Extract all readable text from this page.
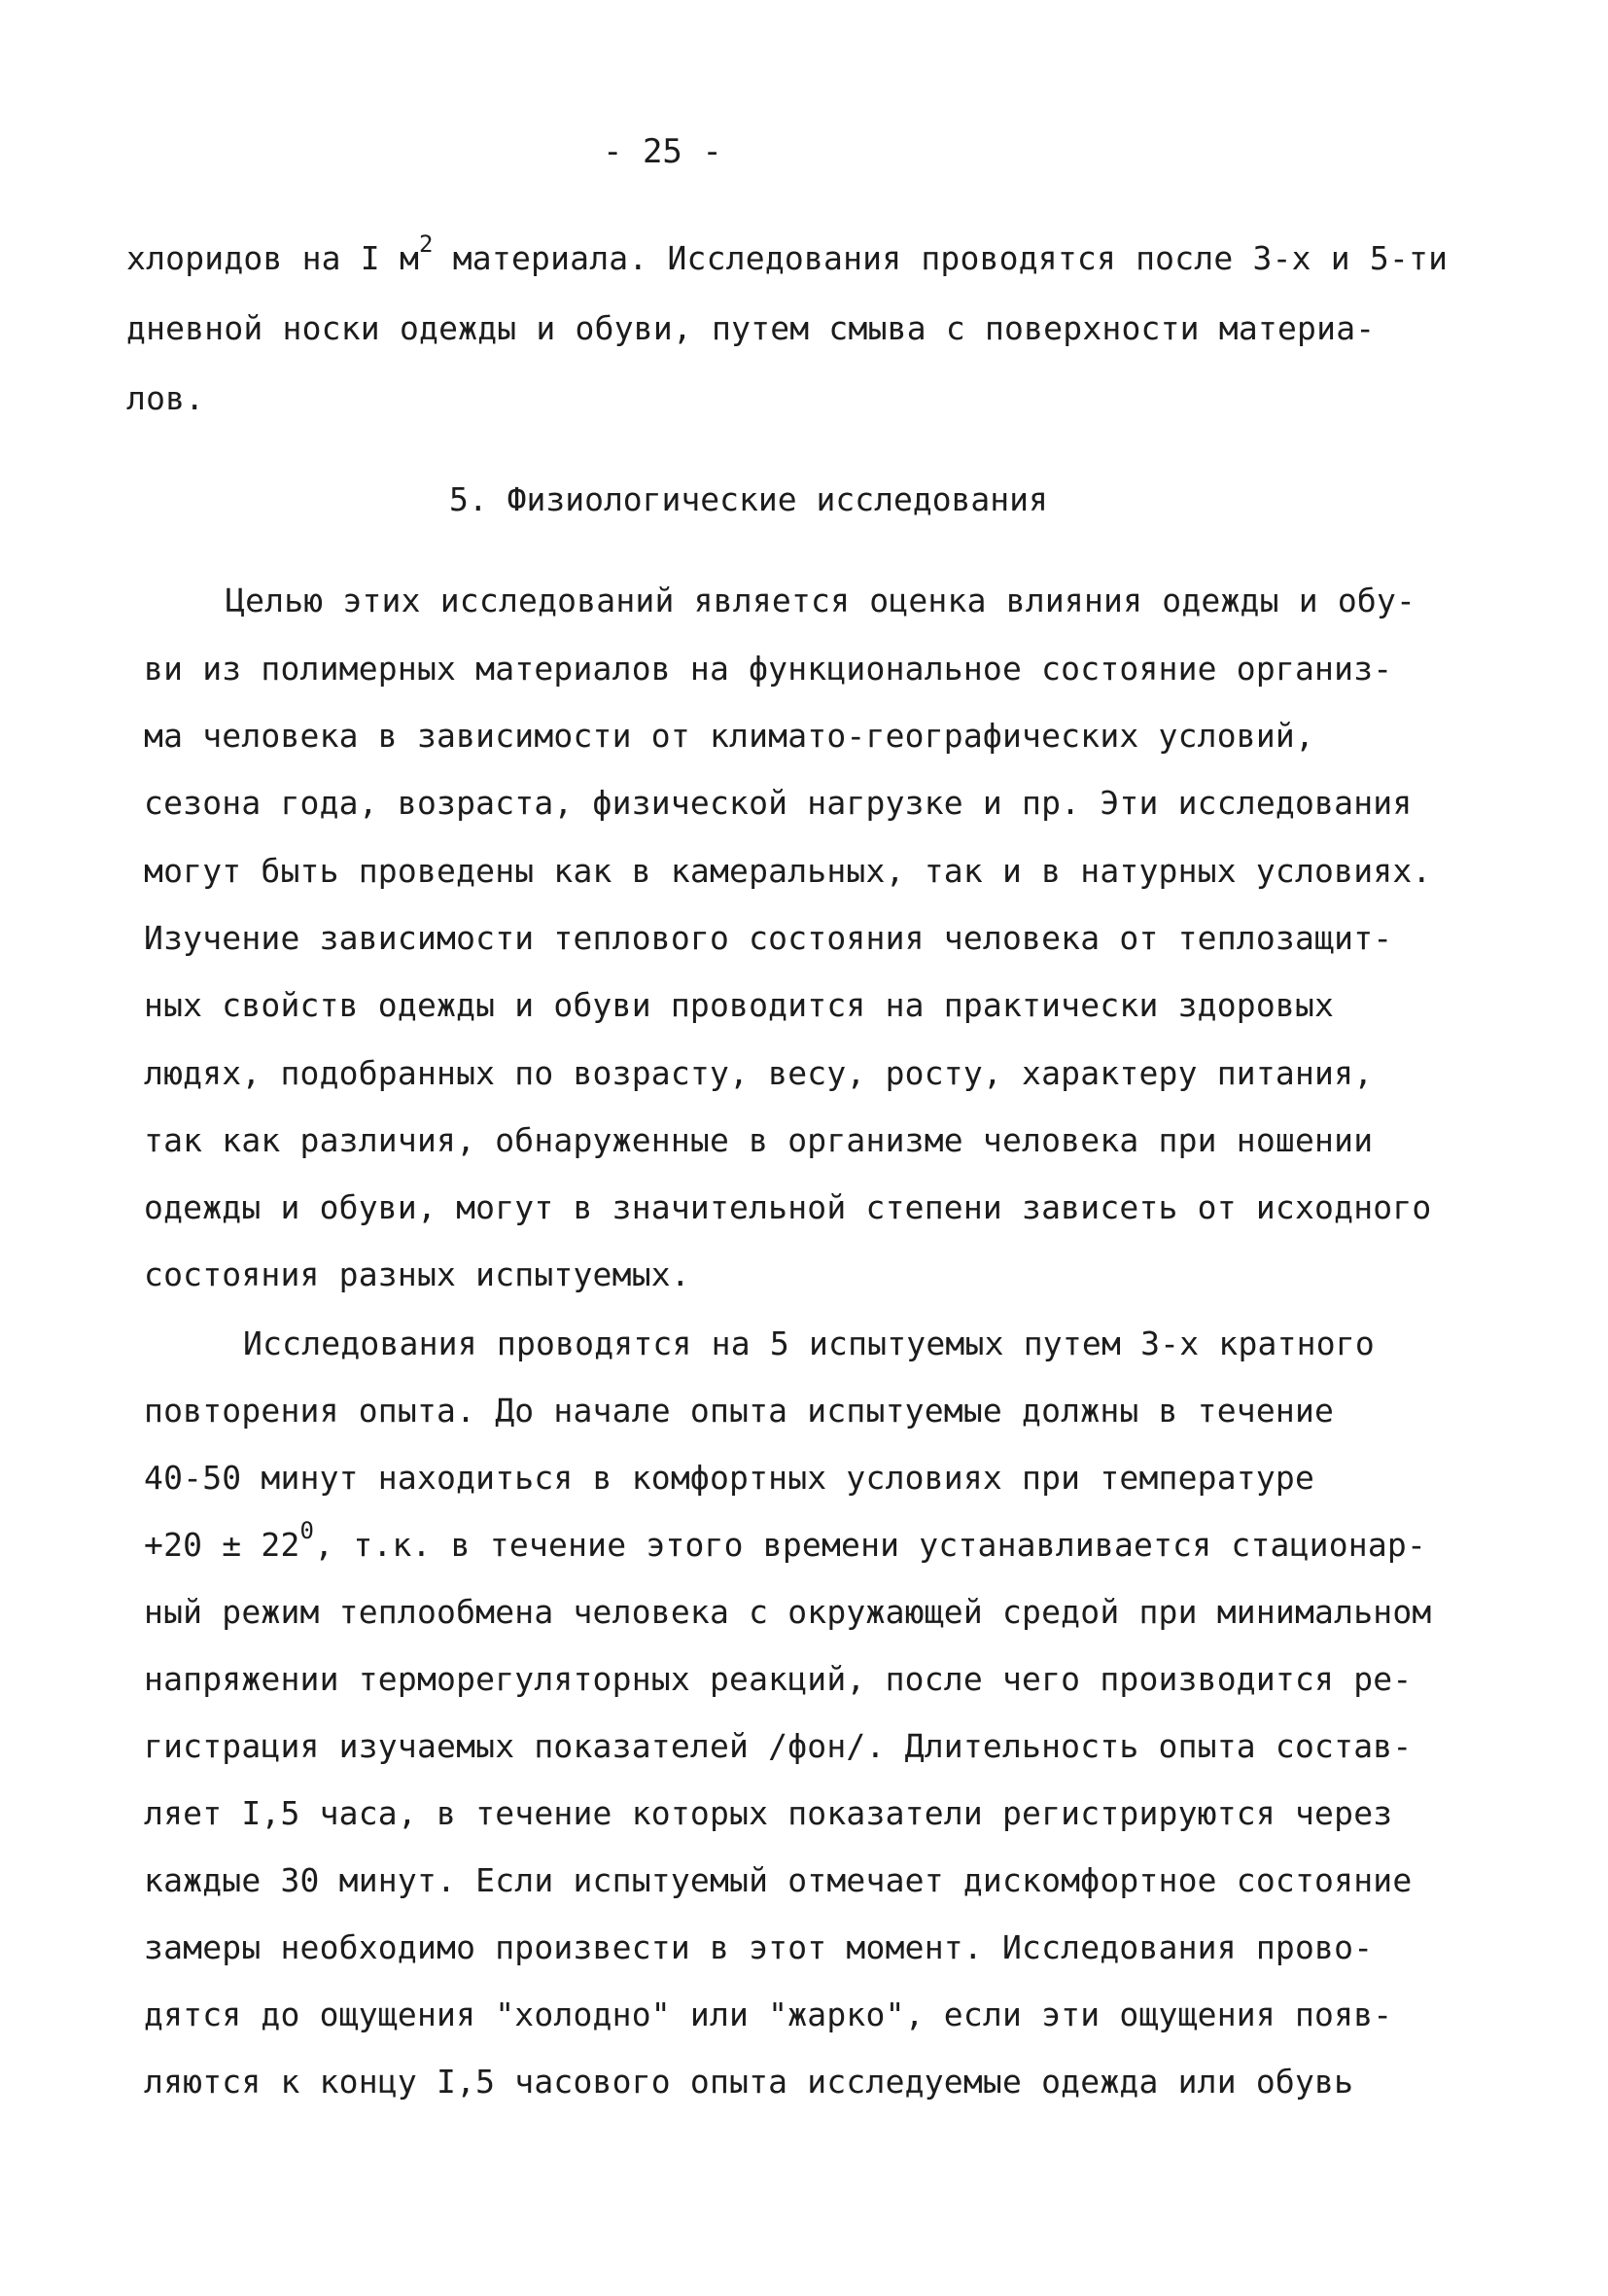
- 25 -
хлоридов на I $м^2$ материала. Исследования проводятся после 3-х и 5-ти
дневной носки одежды и обуви, путем смыва с поверхности материа-
лов.
5. Физиологические исследования
Целью этих исследований является оценка влияния одежды и обу-
ви из полимерных материалов на функциональное состояние организ-
ма человека в зависимости от климато-географических условий,
сезона года, возраста, физической нагрузке и пр. Эти исследования
могут быть проведены как в камеральных, так и в натурных условиях.
Изучение зависимости теплового состояния человека от теплозащит-
ных свойств одежды и обуви проводится на практически здоровых
людях, подобранных по возрасту, весу, росту, характеру питания,
так как различия, обнаруженные в организме человека при ношении
одежды и обуви, могут в значительной степени зависеть от исходного
состояния разных испытуемых.
Исследования проводятся на 5 испытуемых путем 3-х кратного
повторения опыта. До начале опыта испытуемые должны в течение
40-50 минут находиться в комфортных условиях при температуре
$+20 \pm 22^0$, т.к. в течение этого времени устанавливается стационар-
ный режим теплообмена человека с окружающей средой при минимальном
напряжении терморегуляторных реакций, после чего производится ре-
гистрация изучаемых показателей /фон/. Длительность опыта состав-
ляет I,5 часа, в течение которых показатели регистрируются через
каждые 30 минут. Если испытуемый отмечает дискомфортное состояние
замеры необходимо произвести в этот момент. Исследования прово-
дятся до ощущения "холодно" или "жарко", если эти ощущения появ-
ляются к концу I,5 часового опыта исследуемые одежда или обувь
